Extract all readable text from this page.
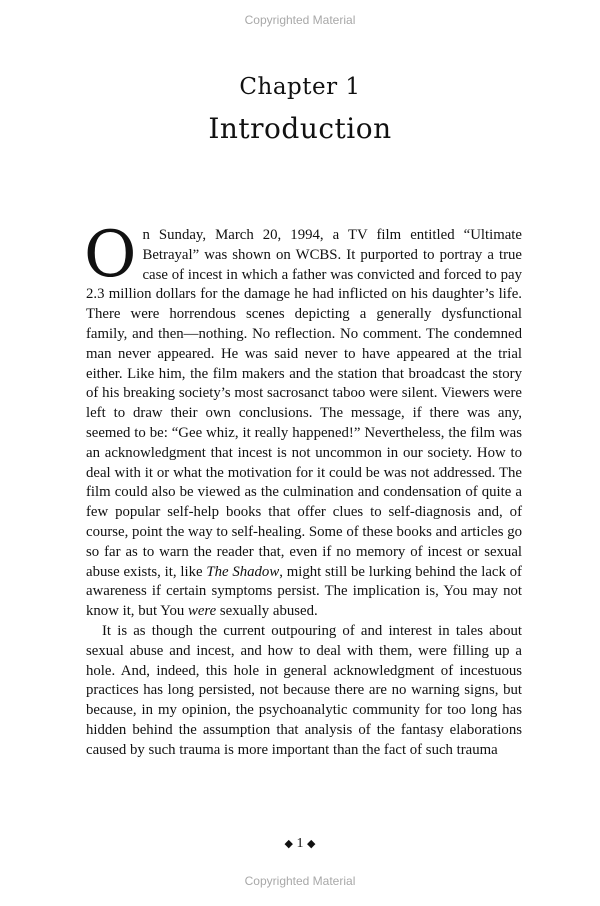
Copyrighted Material
Chapter 1
Introduction

On Sunday, March 20, 1994, a TV film entitled “Ultimate Betrayal” was shown on WCBS. It purported to portray a true case of incest in which a father was convicted and forced to pay 2.3 million dollars for the damage he had inflicted on his daughter’s life. There were horrendous scenes depicting a generally dysfunctional family, and then—nothing. No reflection. No comment. The condemned man never appeared. He was said never to have appeared at the trial either. Like him, the film makers and the station that broadcast the story of his breaking society’s most sacrosanct taboo were silent. Viewers were left to draw their own conclusions. The message, if there was any, seemed to be: “Gee whiz, it really happened!” Nevertheless, the film was an acknowledgment that incest is not uncommon in our society. How to deal with it or what the motivation for it could be was not addressed. The film could also be viewed as the culmination and condensation of quite a few popular self-help books that offer clues to self-diagnosis and, of course, point the way to self-healing. Some of these books and articles go so far as to warn the reader that, even if no memory of incest or sexual abuse exists, it, like The Shadow, might still be lurking behind the lack of awareness if certain symptoms persist. The implication is, You may not know it, but You were sexually abused.

It is as though the current outpouring of and interest in tales about sexual abuse and incest, and how to deal with them, were filling up a hole. And, indeed, this hole in general acknowledgment of incestuous practices has long persisted, not because there are no warning signs, but because, in my opinion, the psychoanalytic community for too long has hidden behind the assumption that analysis of the fantasy elaborations caused by such trauma is more important than the fact of such trauma

◆ 1 ◆
Copyrighted Material
